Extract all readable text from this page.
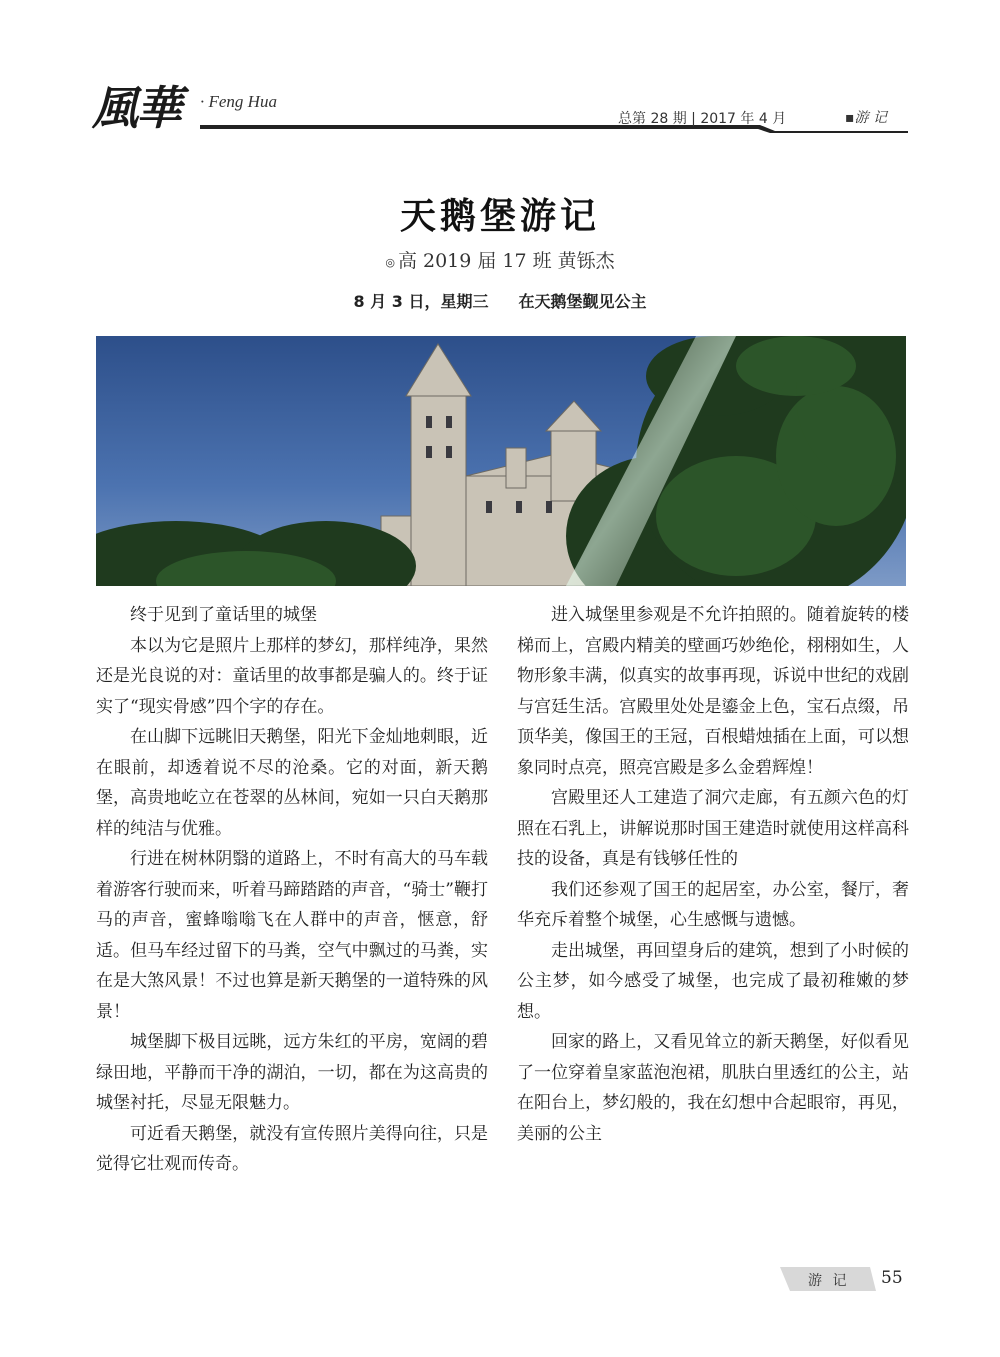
風華 · Feng Hua
总第 28 期 | 2017 年 4 月	▪游 记
天鹅堡游记
◎ 高 2019 届 17 班 黄铄杰
8 月 3 日，星期三 在天鹅堡觐见公主

终于见到了童话里的城堡

本以为它是照片上那样的梦幻，那样纯净，果然还是光良说的对：童话里的故事都是骗人的。终于证实了“现实骨感”四个字的存在。

在山脚下远眺旧天鹅堡，阳光下金灿地刺眼，近在眼前，却透着说不尽的沧桑。它的对面，新天鹅堡，高贵地屹立在苍翠的丛林间，宛如一只白天鹅那样的纯洁与优雅。

行进在树林阴翳的道路上，不时有高大的马车载着游客行驶而来，听着马蹄踏踏的声音，“骑士”鞭打马的声音，蜜蜂嗡嗡飞在人群中的声音，惬意，舒适。但马车经过留下的马粪，空气中飘过的马粪，实在是大煞风景！不过也算是新天鹅堡的一道特殊的风景！

城堡脚下极目远眺，远方朱红的平房，宽阔的碧绿田地，平静而干净的湖泊，一切，都在为这高贵的城堡衬托，尽显无限魅力。

可近看天鹅堡，就没有宣传照片美得向往，只是觉得它壮观而传奇。

进入城堡里参观是不允许拍照的。随着旋转的楼梯而上，宫殿内精美的壁画巧妙绝伦，栩栩如生，人物形象丰满，似真实的故事再现，诉说中世纪的戏剧与宫廷生活。宫殿里处处是鎏金上色，宝石点缀，吊顶华美，像国王的王冠，百根蜡烛插在上面，可以想象同时点亮，照亮宫殿是多么金碧辉煌！

宫殿里还人工建造了洞穴走廊，有五颜六色的灯照在石乳上，讲解说那时国王建造时就使用这样高科技的设备，真是有钱够任性的

我们还参观了国王的起居室，办公室，餐厅，奢华充斥着整个城堡，心生感慨与遗憾。

走出城堡，再回望身后的建筑，想到了小时候的公主梦，如今感受了城堡，也完成了最初稚嫩的梦想。

回家的路上，又看见耸立的新天鹅堡，好似看见了一位穿着皇家蓝泡泡裙，肌肤白里透红的公主，站在阳台上，梦幻般的，我在幻想中合起眼帘，再见，美丽的公主

游 记 55
